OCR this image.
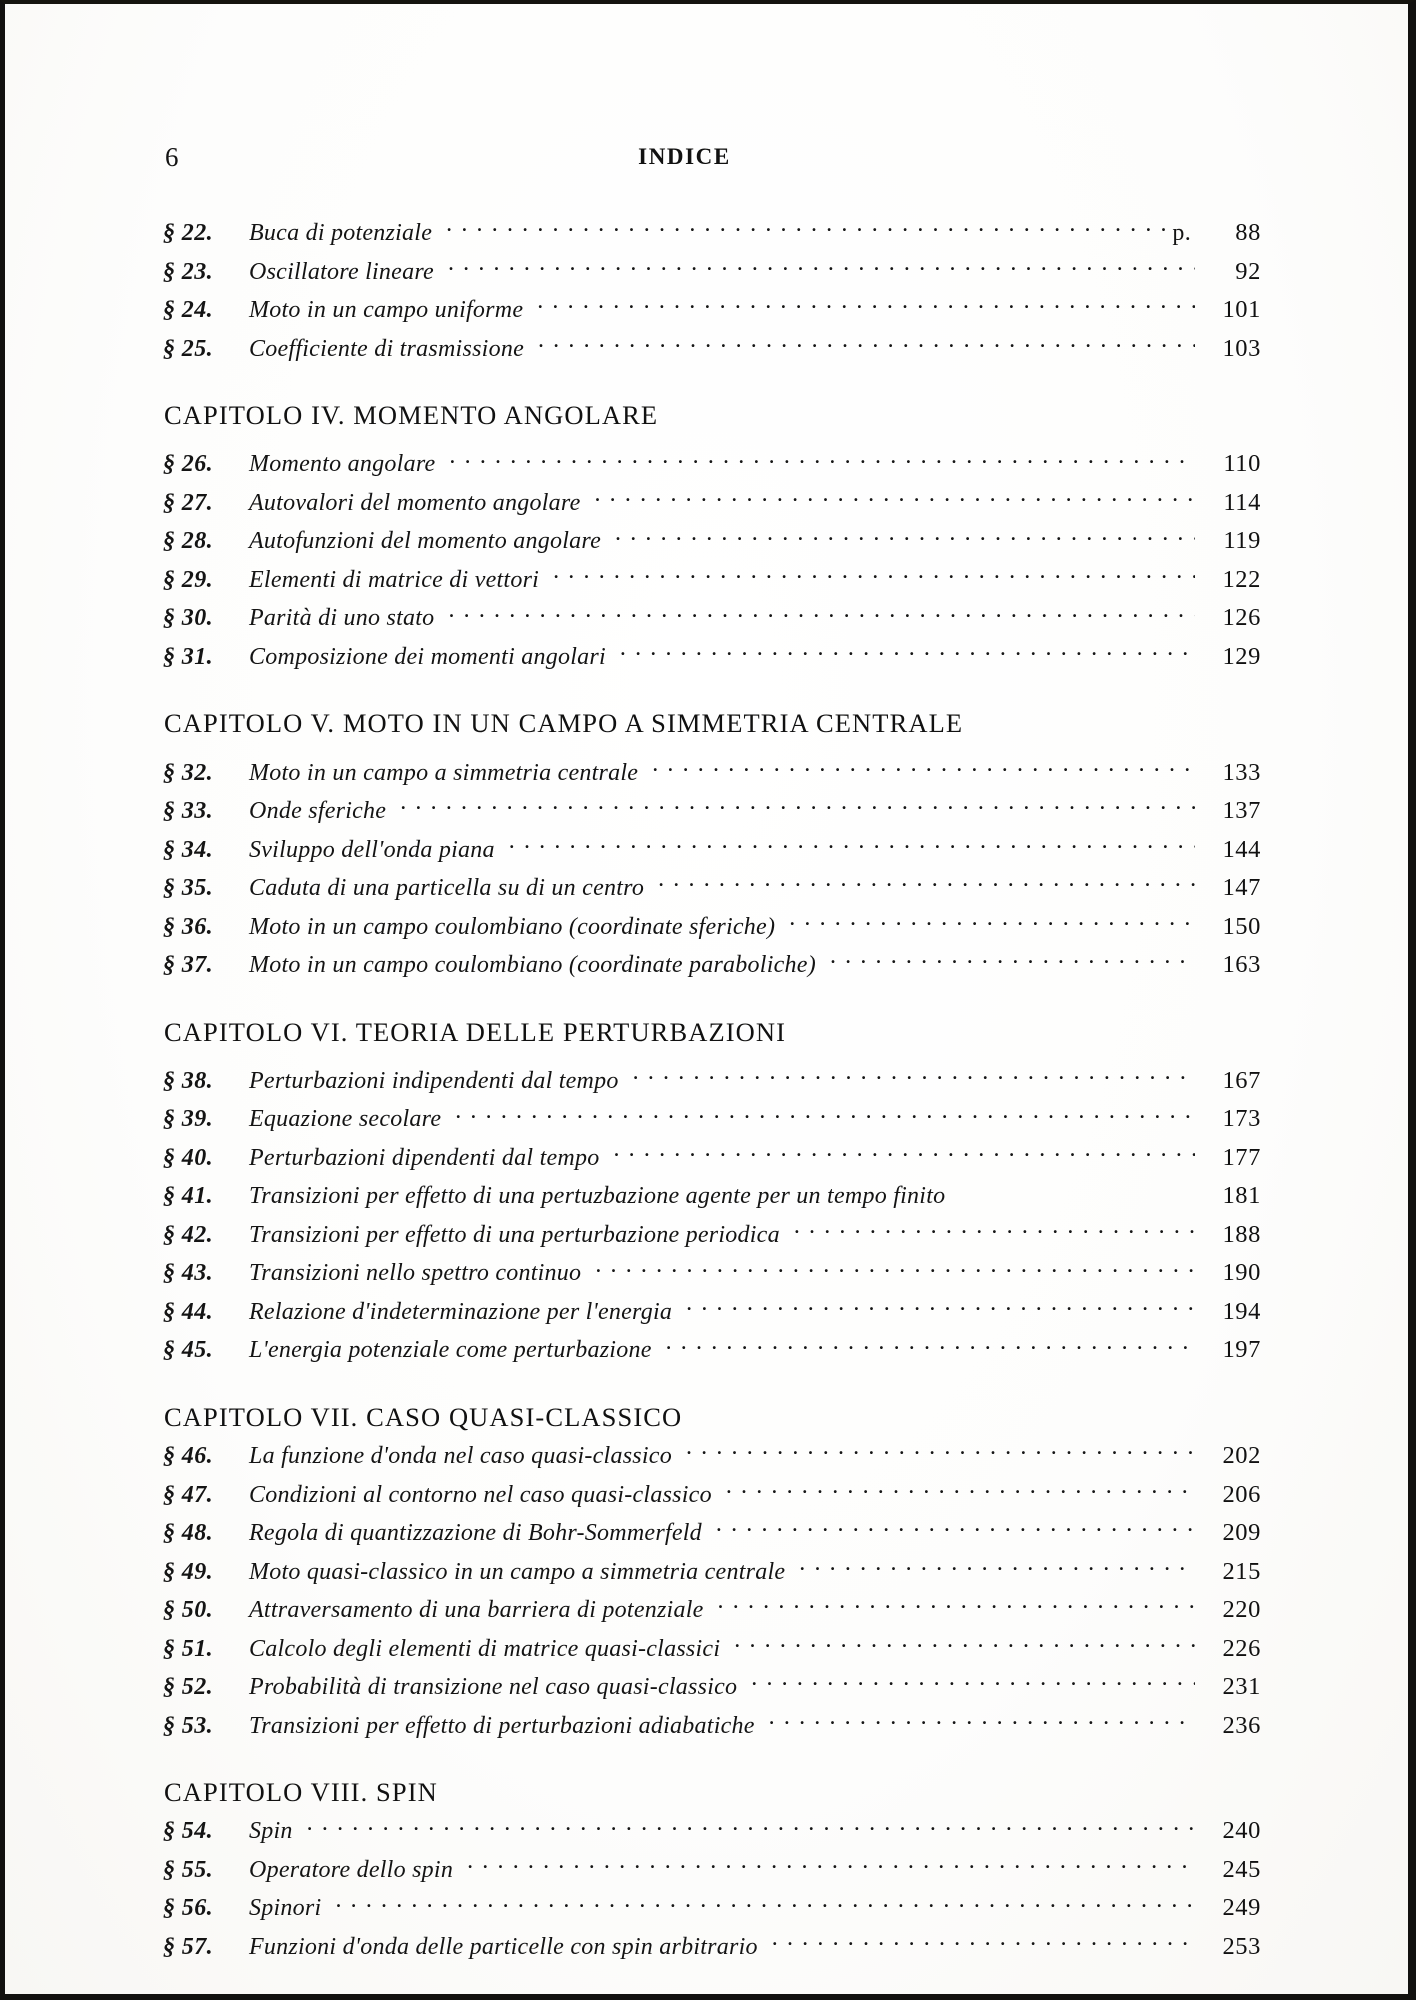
6	INDICE
§ 22.	Buca di potenziale .....	p.	88
§ 23.	Oscillatore lineare .....	92
§ 24.	Moto in un campo uniforme .....	101
§ 25.	Coefficiente di trasmissione .....	103
CAPITOLO IV. MOMENTO ANGOLARE
§ 26.	Momento angolare .....	110
§ 27.	Autovalori del momento angolare .....	114
§ 28.	Autofunzioni del momento angolare .....	119
§ 29.	Elementi di matrice di vettori .....	122
§ 30.	Parità di uno stato .....	126
§ 31.	Composizione dei momenti angolari .....	129
CAPITOLO V. MOTO IN UN CAMPO A SIMMETRIA CENTRALE
§ 32.	Moto in un campo a simmetria centrale .....	133
§ 33.	Onde sferiche .....	137
§ 34.	Sviluppo dell'onda piana .....	144
§ 35.	Caduta di una particella su di un centro .....	147
§ 36.	Moto in un campo coulombiano (coordinate sferiche) .....	150
§ 37.	Moto in un campo coulombiano (coordinate paraboliche) .....	163
CAPITOLO VI. TEORIA DELLE PERTURBAZIONI
§ 38.	Perturbazioni indipendenti dal tempo .....	167
§ 39.	Equazione secolare .....	173
§ 40.	Perturbazioni dipendenti dal tempo .....	177
§ 41.	Transizioni per effetto di una pertuzbazione agente per un tempo finito	181
§ 42.	Transizioni per effetto di una perturbazione periodica .....	188
§ 43.	Transizioni nello spettro continuo .....	190
§ 44.	Relazione d'indeterminazione per l'energia .....	194
§ 45.	L'energia potenziale come perturbazione .....	197
CAPITOLO VII. CASO QUASI-CLASSICO
§ 46.	La funzione d'onda nel caso quasi-classico .....	202
§ 47.	Condizioni al contorno nel caso quasi-classico .....	206
§ 48.	Regola di quantizzazione di Bohr-Sommerfeld .....	209
§ 49.	Moto quasi-classico in un campo a simmetria centrale .....	215
§ 50.	Attraversamento di una barriera di potenziale .....	220
§ 51.	Calcolo degli elementi di matrice quasi-classici .....	226
§ 52.	Probabilità di transizione nel caso quasi-classico .....	231
§ 53.	Transizioni per effetto di perturbazioni adiabatiche .....	236
CAPITOLO VIII. SPIN
§ 54.	Spin .....	240
§ 55.	Operatore dello spin .....	245
§ 56.	Spinori .....	249
§ 57.	Funzioni d'onda delle particelle con spin arbitrario .....	253
